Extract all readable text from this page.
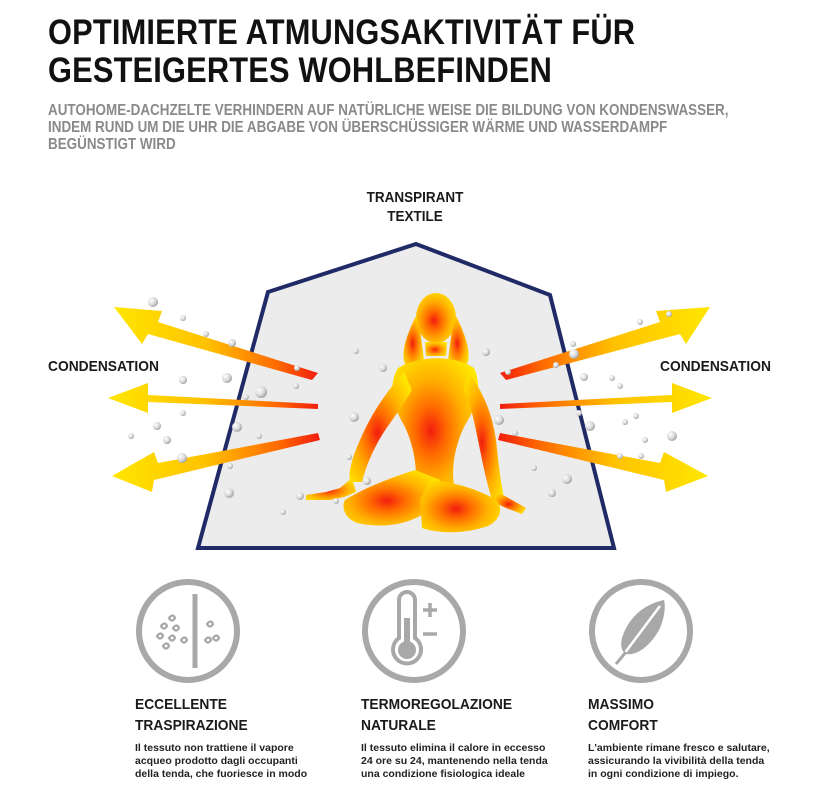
OPTIMIERTE ATMUNGSAKTIVITÄT FÜR
GESTEIGERTES WOHLBEFINDEN

AUTOHOME-DACHZELTE VERHINDERN AUF NATÜRLICHE WEISE DIE BILDUNG VON KONDENSWASSER,
INDEM RUND UM DIE UHR DIE ABGABE VON ÜBERSCHÜSSIGER WÄRME UND WASSERDAMPF
BEGÜNSTIGT WIRD

TRANSPIRANT
TEXTILE
CONDENSATION	CONDENSATION
ECCELLENTE
TRASPIRAZIONE

Il tessuto non trattiene il vapore
acqueo prodotto dagli occupanti
della tenda, che fuoriesce in modo

TERMOREGOLAZIONE
NATURALE

Il tessuto elimina il calore in eccesso
24 ore su 24, mantenendo nella tenda
una condizione fisiologica ideale

MASSIMO
COMFORT

L'ambiente rimane fresco e salutare,
assicurando la vivibilità della tenda
in ogni condizione di impiego.
